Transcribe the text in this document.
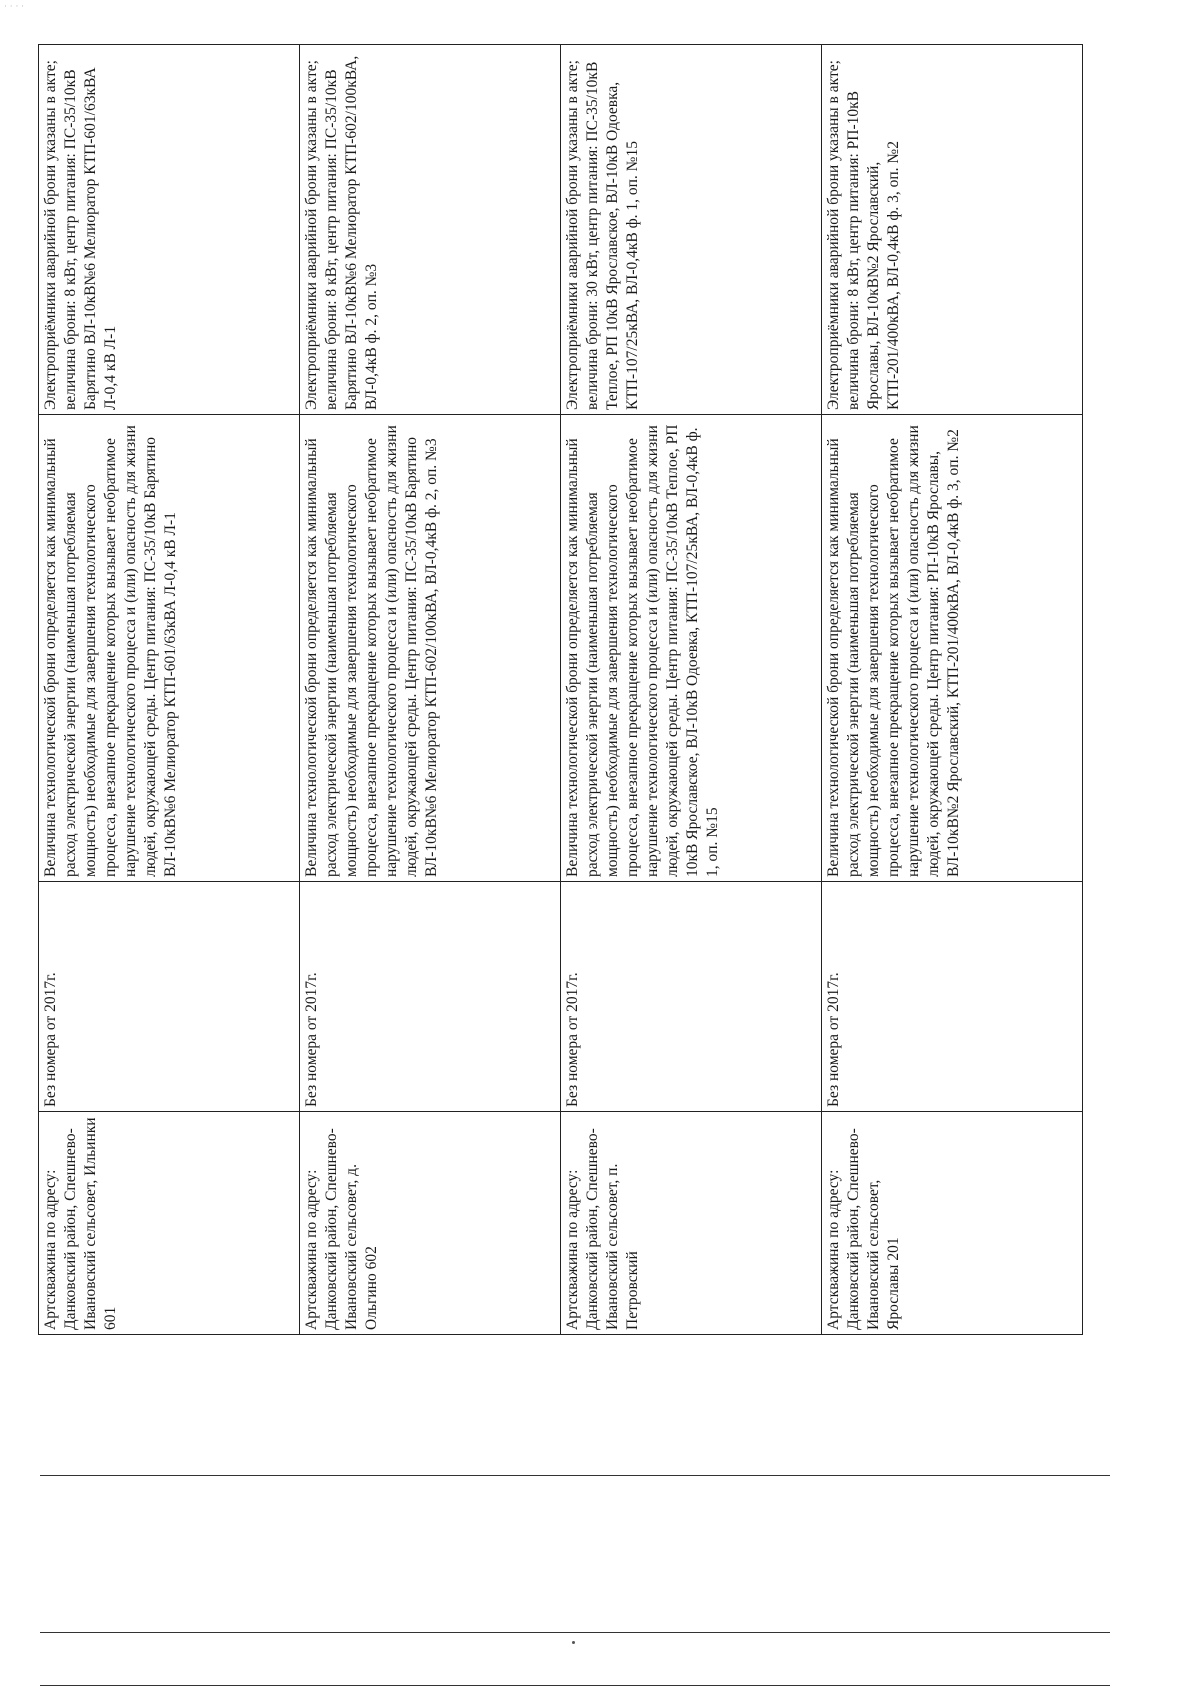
· · · ·
Артскважина по адресу: Данковский район, Спешнево-Ивановский сельсовет, Ильинки 601	Без номера от 2017г.	Величина технологической брони определяется как минимальный расход электрической энергии (наименьшая потребляемая мощность) необходимые для завершения технологического процесса, внезапное прекращение которых вызывает необратимое нарушение технологического процесса и (или) опасность для жизни людей, окружающей среды. Центр питания: ПС-35/10кВ Барятино ВЛ-10кВ№6 Мелиоратор КТП-601/63кВА Л-0,4 кВ Л-1	Электроприёмники аварийной брони указаны в акте; величина брони: 8 кВт, центр питания: ПС-35/10кВ Барятино ВЛ-10кВ№6 Мелиоратор КТП-601/63кВА Л-0,4 кВ Л-1
Артскважина по адресу: Данковский район, Спешнево-Ивановский сельсовет, д. Ольгино 602	Без номера от 2017г.	Величина технологической брони определяется как минимальный расход электрической энергии (наименьшая потребляемая мощность) необходимые для завершения технологического процесса, внезапное прекращение которых вызывает необратимое нарушение технологического процесса и (или) опасность для жизни людей, окружающей среды. Центр питания: ПС-35/10кВ Барятино ВЛ-10кВ№6 Мелиоратор КТП-602/100кВА, ВЛ-0,4кВ ф. 2, оп. №3	Электроприёмники аварийной брони указаны в акте; величина брони: 8 кВт, центр питания: ПС-35/10кВ Барятино ВЛ-10кВ№6 Мелиоратор КТП-602/100кВА, ВЛ-0,4кВ ф. 2, оп. №3
Артскважина по адресу: Данковский район, Спешнево-Ивановский сельсовет, п. Петровский	Без номера от 2017г.	Величина технологической брони определяется как минимальный расход электрической энергии (наименьшая потребляемая мощность) необходимые для завершения технологического процесса, внезапное прекращение которых вызывает необратимое нарушение технологического процесса и (или) опасность для жизни людей, окружающей среды. Центр питания: ПС-35/10кВ Теплое, РП 10кВ Ярославское, ВЛ-10кВ Одоевка, КТП-107/25кВА, ВЛ-0,4кВ ф. 1, оп. №15	Электроприёмники аварийной брони указаны в акте; величина брони: 30 кВт, центр питания: ПС-35/10кВ Теплое, РП 10кВ Ярославское, ВЛ-10кВ Одоевка, КТП-107/25кВА, ВЛ-0,4кВ ф. 1, оп. №15
Артскважина по адресу: Данковский район, Спешнево-Ивановский сельсовет, Ярославы 201	Без номера от 2017г.	Величина технологической брони определяется как минимальный расход электрической энергии (наименьшая потребляемая мощность) необходимые для завершения технологического процесса, внезапное прекращение которых вызывает необратимое нарушение технологического процесса и (или) опасность для жизни людей, окружающей среды. Центр питания: РП-10кВ Ярославы, ВЛ-10кВ№2 Ярославский, КТП-201/400кВА, ВЛ-0,4кВ ф. 3, оп. №2	Электроприёмники аварийной брони указаны в акте; величина брони: 8 кВт, центр питания: РП-10кВ Ярославы, ВЛ-10кВ№2 Ярославский, КТП-201/400кВА, ВЛ-0,4кВ ф. 3, оп. №2
